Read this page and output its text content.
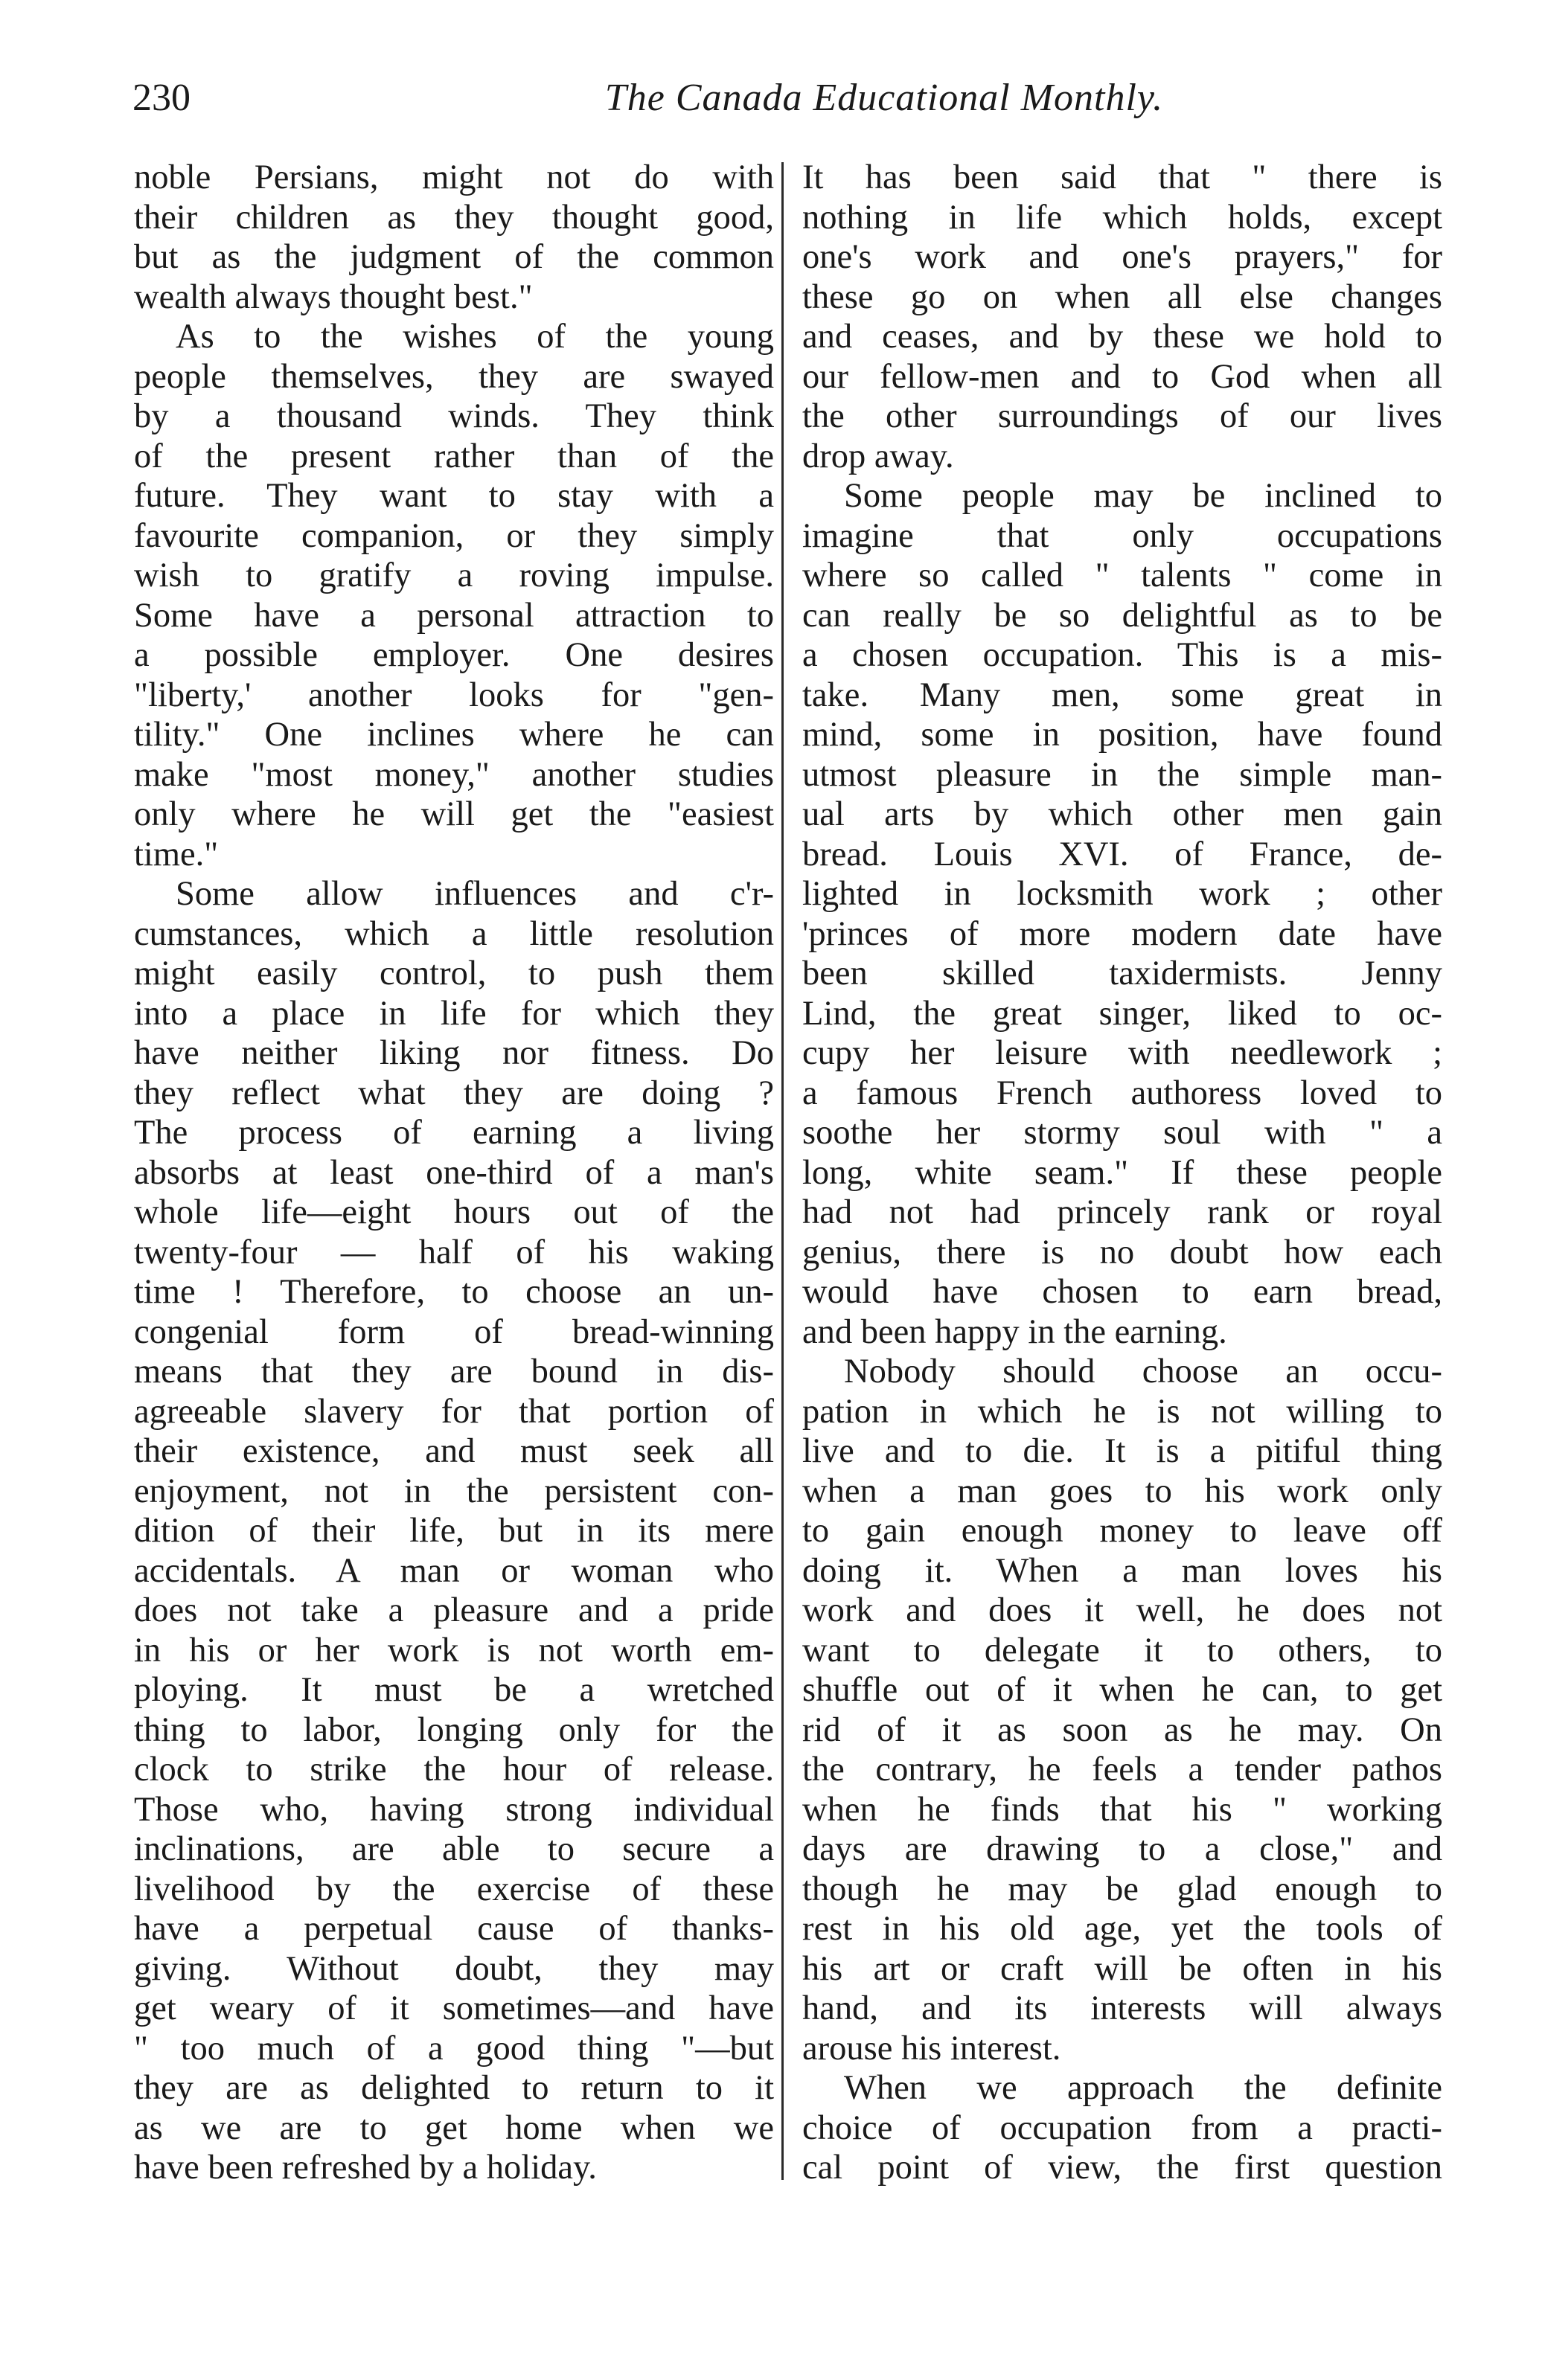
230	The Canada Educational Monthly.
noble Persians, might not do with
their children as they thought good,
but as the judgment of the common
wealth always thought best."
As to the wishes of the young
people themselves, they are swayed
by a thousand winds. They think
of the present rather than of the
future. They want to stay with a
favourite companion, or they simply
wish to gratify a roving impulse.
Some have a personal attraction to
a possible employer. One desires
"liberty,' another looks for "gen-
tility." One inclines where he can
make "most money," another studies
only where he will get the "easiest
time."
Some allow influences and c'r-
cumstances, which a little resolution
might easily control, to push them
into a place in life for which they
have neither liking nor fitness. Do
they reflect what they are doing ?
The process of earning a living
absorbs at least one-third of a man's
whole life—eight hours out of the
twenty-four — half of his waking
time ! Therefore, to choose an un-
congenial form of bread-winning
means that they are bound in dis-
agreeable slavery for that portion of
their existence, and must seek all
enjoyment, not in the persistent con-
dition of their life, but in its mere
accidentals. A man or woman who
does not take a pleasure and a pride
in his or her work is not worth em-
ploying. It must be a wretched
thing to labor, longing only for the
clock to strike the hour of release.
Those who, having strong individual
inclinations, are able to secure a
livelihood by the exercise of these
have a perpetual cause of thanks-
giving. Without doubt, they may
get weary of it sometimes—and have
" too much of a good thing "—but
they are as delighted to return to it
as we are to get home when we
have been refreshed by a holiday.
It has been said that " there is
nothing in life which holds, except
one's work and one's prayers," for
these go on when all else changes
and ceases, and by these we hold to
our fellow-men and to God when all
the other surroundings of our lives
drop away.
Some people may be inclined to
imagine that only occupations
where so called " talents " come in
can really be so delightful as to be
a chosen occupation. This is a mis-
take. Many men, some great in
mind, some in position, have found
utmost pleasure in the simple man-
ual arts by which other men gain
bread. Louis XVI. of France, de-
lighted in locksmith work ; other
'princes of more modern date have
been skilled taxidermists. Jenny
Lind, the great singer, liked to oc-
cupy her leisure with needlework ;
a famous French authoress loved to
soothe her stormy soul with " a
long, white seam." If these people
had not had princely rank or royal
genius, there is no doubt how each
would have chosen to earn bread,
and been happy in the earning.
Nobody should choose an occu-
pation in which he is not willing to
live and to die. It is a pitiful thing
when a man goes to his work only
to gain enough money to leave off
doing it. When a man loves his
work and does it well, he does not
want to delegate it to others, to
shuffle out of it when he can, to get
rid of it as soon as he may. On
the contrary, he feels a tender pathos
when he finds that his " working
days are drawing to a close," and
though he may be glad enough to
rest in his old age, yet the tools of
his art or craft will be often in his
hand, and its interests will always
arouse his interest.
When we approach the definite
choice of occupation from a practi-
cal point of view, the first question
